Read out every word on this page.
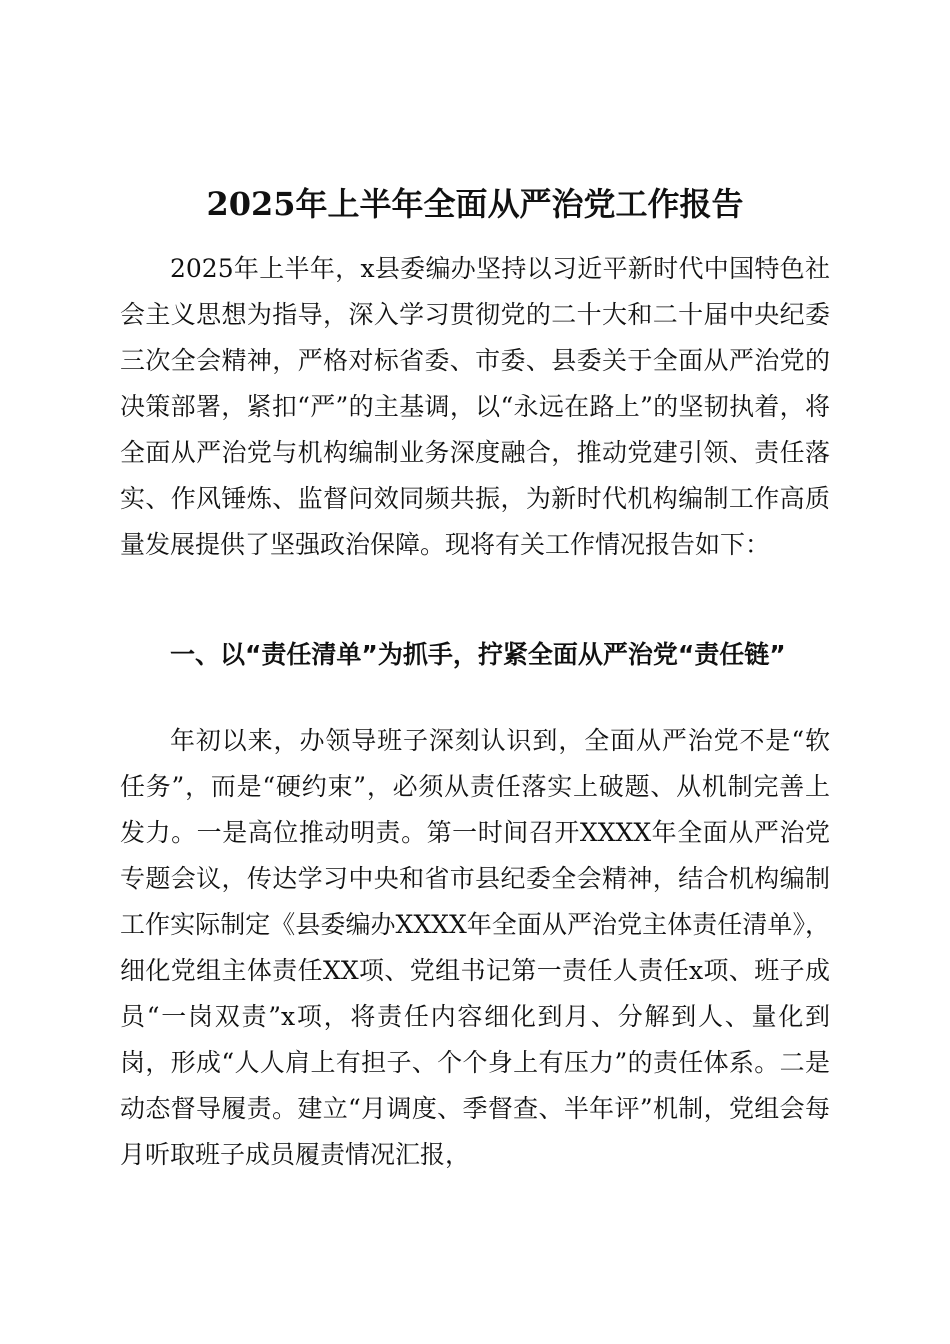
2025年上半年全面从严治党工作报告

2025年上半年，x县委编办坚持以习近平新时代中国特色社会主义思想为指导，深入学习贯彻党的二十大和二十届中央纪委三次全会精神，严格对标省委、市委、县委关于全面从严治党的决策部署，紧扣“严”的主基调，以“永远在路上”的坚韧执着，将全面从严治党与机构编制业务深度融合，推动党建引领、责任落实、作风锤炼、监督问效同频共振，为新时代机构编制工作高质量发展提供了坚强政治保障。现将有关工作情况报告如下：

一、以“责任清单”为抓手，拧紧全面从严治党“责任链”

年初以来，办领导班子深刻认识到，全面从严治党不是“软任务”，而是“硬约束”，必须从责任落实上破题、从机制完善上发力。一是高位推动明责。第一时间召开XXXX年全面从严治党专题会议，传达学习中央和省市县纪委全会精神，结合机构编制工作实际制定《县委编办XXXX年全面从严治党主体责任清单》，细化党组主体责任XX项、党组书记第一责任人责任x项、班子成员“一岗双责”x项，将责任内容细化到月、分解到人、量化到岗，形成“人人肩上有担子、个个身上有压力”的责任体系。二是动态督导履责。建立“月调度、季督查、半年评”机制，党组会每月听取班子成员履责情况汇报，
